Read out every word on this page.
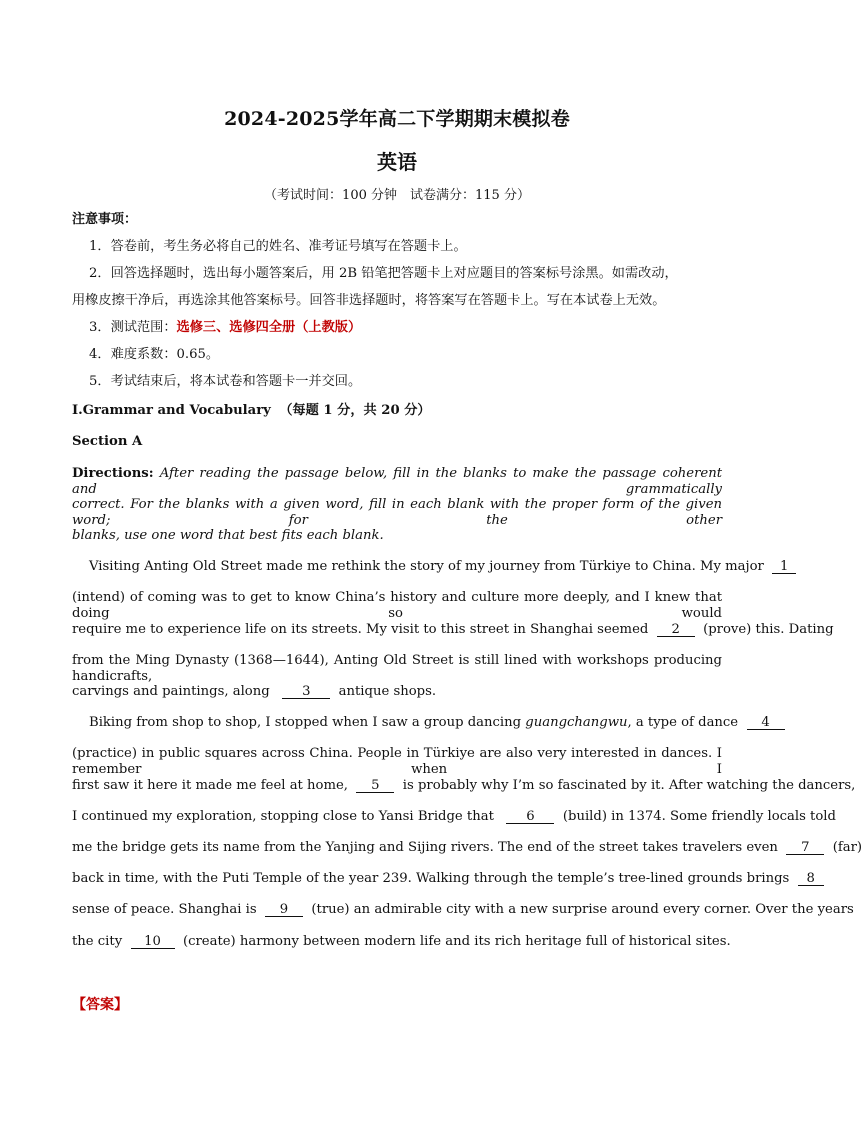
2024-2025学年高二下学期期末模拟卷
英语
（考试时间：100 分钟　试卷满分：115 分）
注意事项：
1．答卷前，考生务必将自己的姓名、准考证号填写在答题卡上。
2．回答选择题时，选出每小题答案后，用 2B 铅笔把答题卡上对应题目的答案标号涂黑。如需改动，
用橡皮擦干净后，再选涂其他答案标号。回答非选择题时，将答案写在答题卡上。写在本试卷上无效。
3．测试范围：选修三、选修四全册（上教版）
4．难度系数：0.65。
5．考试结束后，将本试卷和答题卡一并交回。
I.Grammar and Vocabulary （每题 1 分，共 20 分）
Section A
Directions: After reading the passage below, fill in the blanks to make the passage coherent and grammatically
correct. For the blanks with a given word, fill in each blank with the proper form of the given word; for the other
blanks, use one word that best fits each blank.
Visiting Anting Old Street made me rethink the story of my journey from Türkiye to China. My major 1
(intend) of coming was to get to know China’s history and culture more deeply, and I knew that doing so would
require me to experience life on its streets. My visit to this street in Shanghai seemed 2 (prove) this. Dating
from the Ming Dynasty (1368—1644), Anting Old Street is still lined with workshops producing handicrafts,
carvings and paintings, along 3 antique shops.
Biking from shop to shop, I stopped when I saw a group dancing guangchangwu, a type of dance 4
(practice) in public squares across China. People in Türkiye are also very interested in dances. I remember when I
first saw it here it made me feel at home, 5 is probably why I’m so fascinated by it. After watching the dancers,
I continued my exploration, stopping close to Yansi Bridge that 6 (build) in 1374. Some friendly locals told
me the bridge gets its name from the Yanjing and Sijing rivers. The end of the street takes travelers even 7 (far)
back in time, with the Puti Temple of the year 239. Walking through the temple’s tree-lined grounds brings 8
sense of peace. Shanghai is 9 (true) an admirable city with a new surprise around every corner. Over the years
the city 10 (create) harmony between modern life and its rich heritage full of historical sites.
【答案】
